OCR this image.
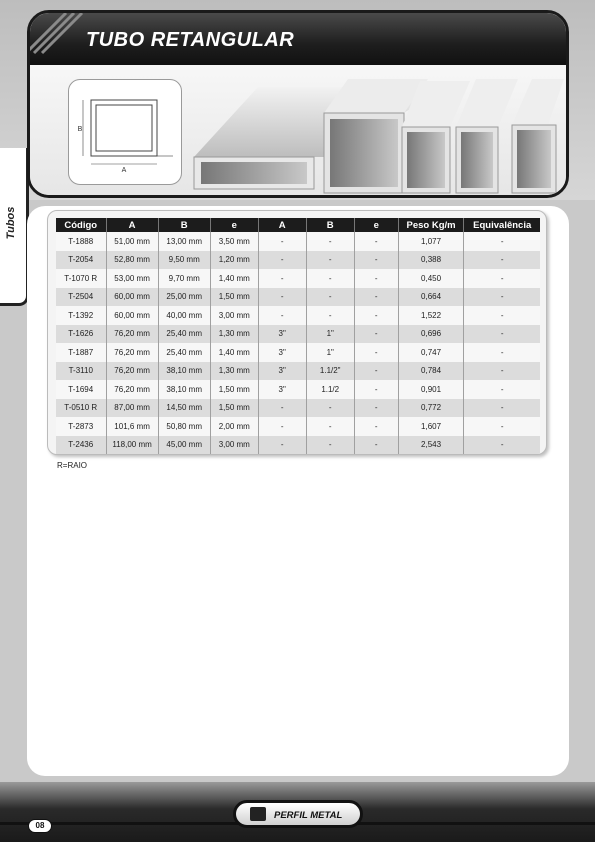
Tubos
TUBO RETANGULAR
A
B
Código	A	B	e	A	B	e	Peso Kg/m	Equivalência
T-1888	51,00 mm	13,00 mm	3,50 mm	-	-	-	1,077	-
T-2054	52,80 mm	9,50 mm	1,20 mm	-	-	-	0,388	-
T-1070 R	53,00 mm	9,70 mm	1,40 mm	-	-	-	0,450	-
T-2504	60,00 mm	25,00 mm	1,50 mm	-	-	-	0,664	-
T-1392	60,00 mm	40,00 mm	3,00 mm	-	-	-	1,522	-
T-1626	76,20 mm	25,40 mm	1,30 mm	3"	1"	-	0,696	-
T-1887	76,20 mm	25,40 mm	1,40 mm	3"	1"	-	0,747	-
T-3110	76,20 mm	38,10 mm	1,30 mm	3"	1.1/2"	-	0,784	-
T-1694	76,20 mm	38,10 mm	1,50 mm	3"	1.1/2	-	0,901	-
T-0510 R	87,00 mm	14,50 mm	1,50 mm	-	-	-	0,772	-
T-2873	101,6 mm	50,80 mm	2,00 mm	-	-	-	1,607	-
T-2436	118,00 mm	45,00 mm	3,00 mm	-	-	-	2,543	-
R=RAIO
08
PERFIL METAL
